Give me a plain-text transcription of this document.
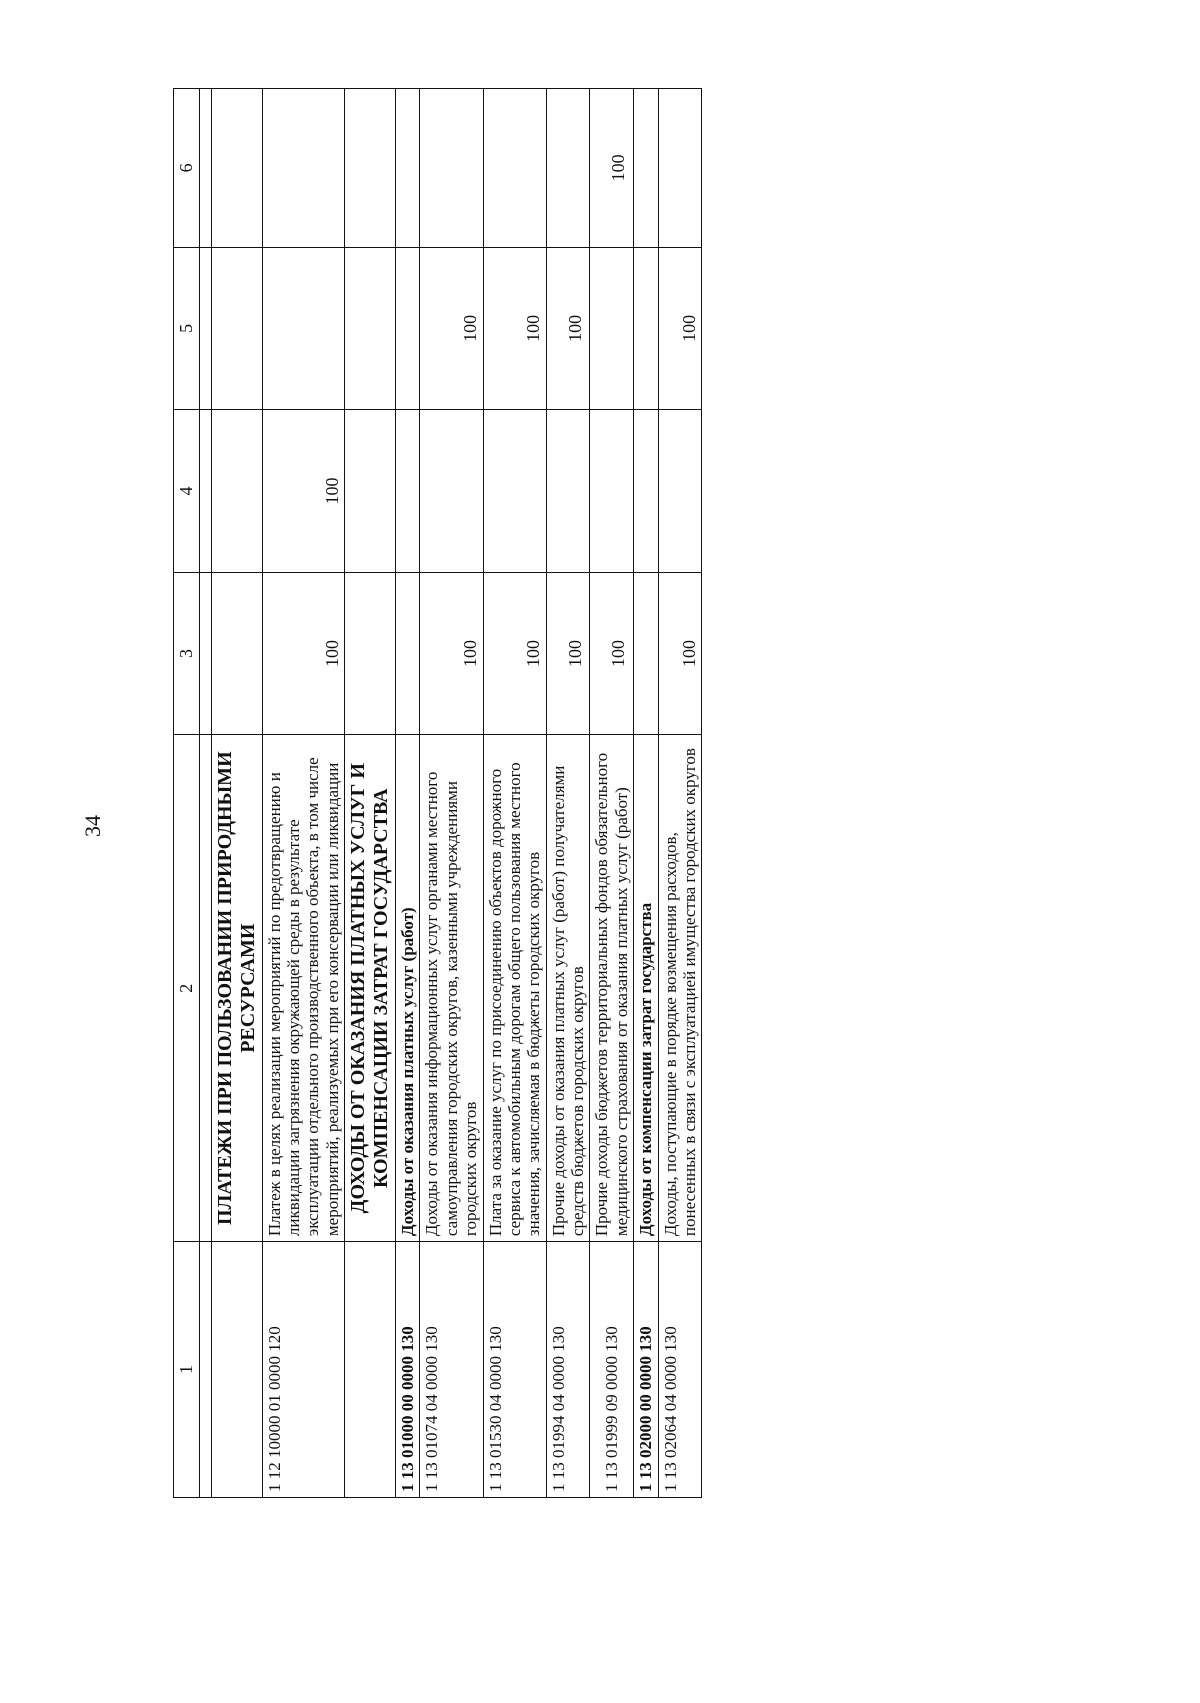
34
1	2	3	4	5	6

	ПЛАТЕЖИ ПРИ ПОЛЬЗОВАНИИ ПРИРОДНЫМИ РЕСУРСАМИ				
1 12 10000 01 0000 120	Платеж в целях реализации мероприятий по предотвращению и ликвидации загрязнения окружающей среды в результате эксплуатации отдельного производственного объекта, в том числе мероприятий, реализуемых при его консервации или ликвидации	100	100		
	ДОХОДЫ ОТ ОКАЗАНИЯ ПЛАТНЫХ УСЛУГ И КОМПЕНСАЦИИ ЗАТРАТ ГОСУДАРСТВА				
1 13 01000 00 0000 130	Доходы от оказания платных услуг (работ)				
1 13 01074 04 0000 130	Доходы от оказания информационных услуг органами местного самоуправления городских округов, казенными учреждениями городских округов	100		100	
1 13 01530 04 0000 130	Плата за оказание услуг по присоединению объектов дорожного сервиса к автомобильным дорогам общего пользования местного значения, зачисляемая в бюджеты городских округов	100		100	
1 13 01994 04 0000 130	Прочие доходы от оказания платных услуг (работ) получателями средств бюджетов городских округов	100		100	
1 13 01999 09 0000 130	Прочие доходы бюджетов территориальных фондов обязательного медицинского страхования от оказания платных услуг (работ)	100			100
1 13 02000 00 0000 130	Доходы от компенсации затрат государства				
1 13 02064 04 0000 130	Доходы, поступающие в порядке возмещения расходов, понесенных в связи с эксплуатацией имущества городских округов	100		100	
